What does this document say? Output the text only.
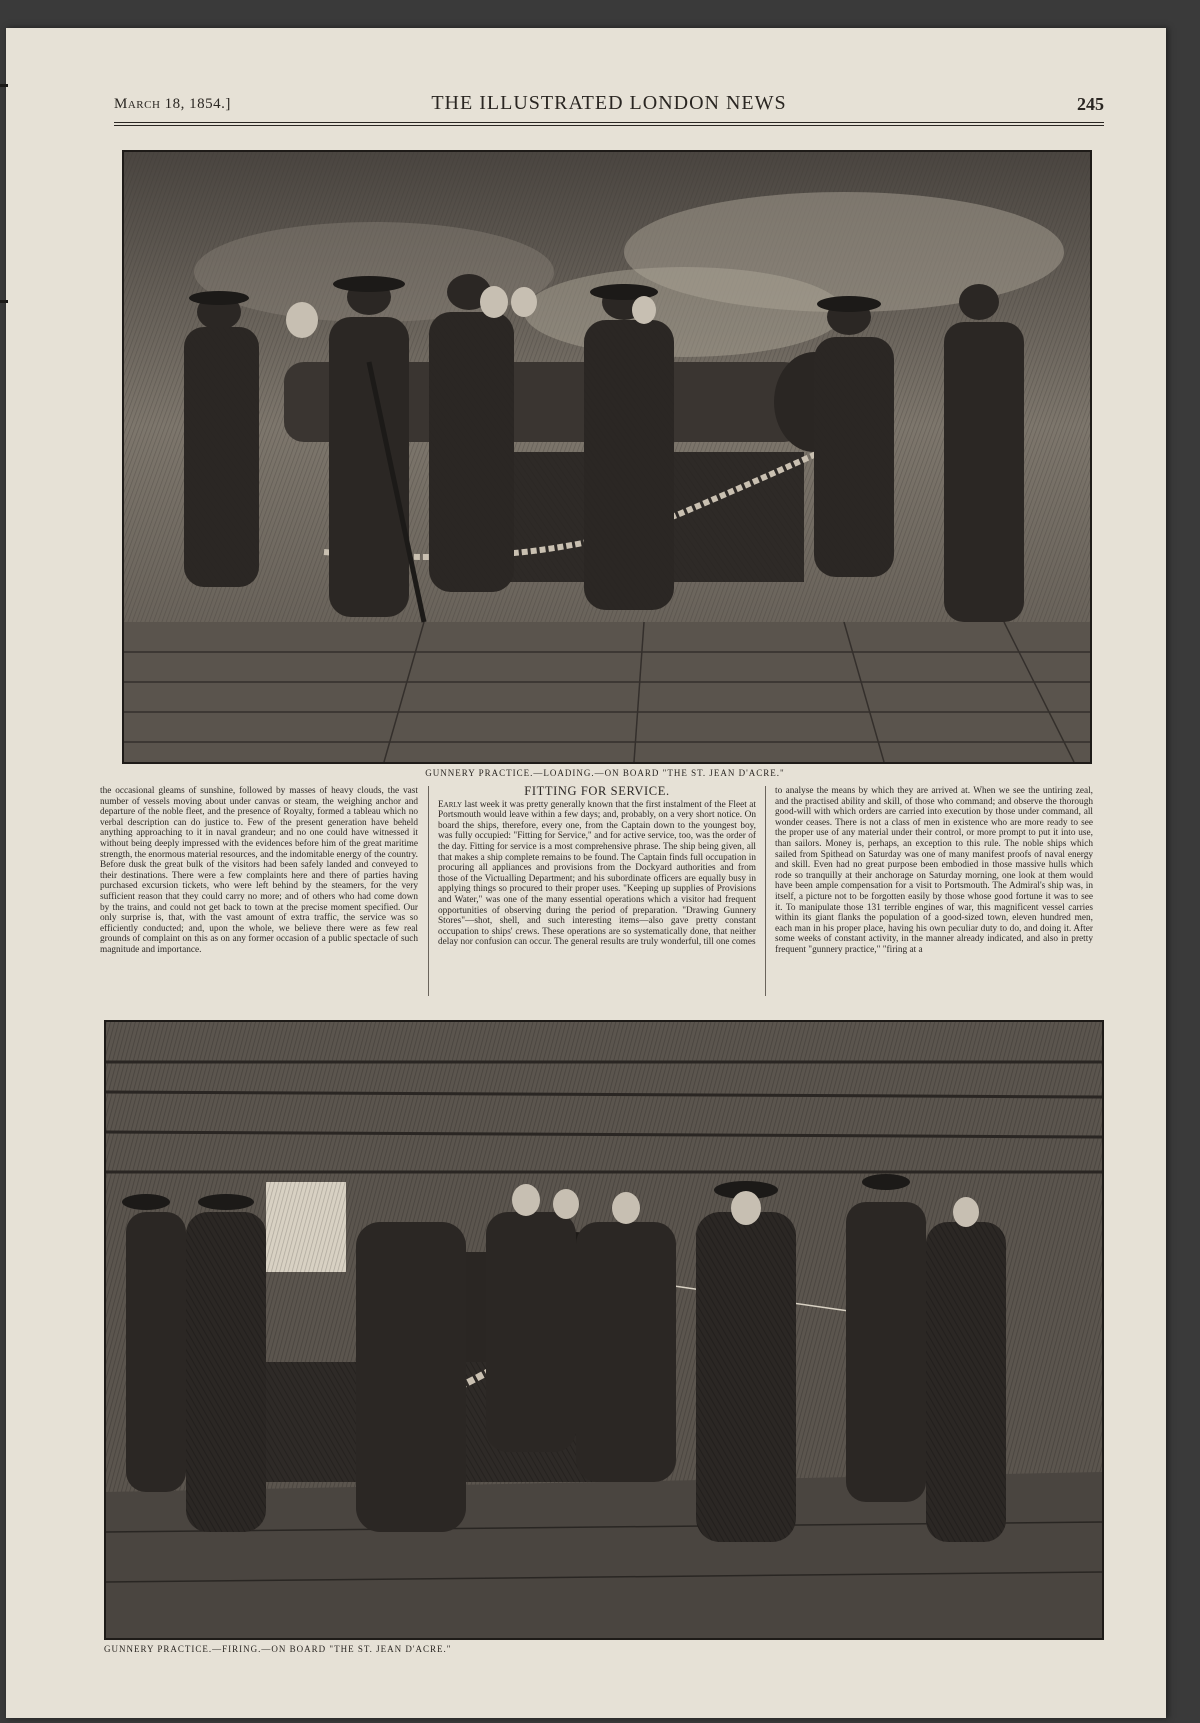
March 18, 1854.]	THE ILLUSTRATED LONDON NEWS	245
GUNNERY PRACTICE.—LOADING.—ON BOARD "THE ST. JEAN D'ACRE."

the occasional gleams of sunshine, followed by masses of heavy clouds, the vast number of vessels moving about under canvas or steam, the weighing anchor and departure of the noble fleet, and the presence of Royalty, formed a tableau which no verbal description can do justice to. Few of the present generation have beheld anything approaching to it in naval grandeur; and no one could have witnessed it without being deeply impressed with the evidences before him of the great maritime strength, the enormous material resources, and the indomitable energy of the country. Before dusk the great bulk of the visitors had been safely landed and conveyed to their destinations. There were a few complaints here and there of parties having purchased excursion tickets, who were left behind by the steamers, for the very sufficient reason that they could carry no more; and of others who had come down by the trains, and could not get back to town at the precise moment specified. Our only surprise is, that, with the vast amount of extra traffic, the service was so efficiently conducted; and, upon the whole, we believe there were as few real grounds of complaint on this as on any former occasion of a public spectacle of such magnitude and importance.

FITTING FOR SERVICE.

Early last week it was pretty generally known that the first instalment of the Fleet at Portsmouth would leave within a few days; and, probably, on a very short notice. On board the ships, therefore, every one, from the Captain down to the youngest boy, was fully occupied: "Fitting for Service," and for active service, too, was the order of the day. Fitting for service is a most comprehensive phrase. The ship being given, all that makes a ship complete remains to be found. The Captain finds full occupation in procuring all appliances and provisions from the Dockyard authorities and from those of the Victualling Department; and his subordinate officers are equally busy in applying things so procured to their proper uses. "Keeping up supplies of Provisions and Water," was one of the many essential operations which a visitor had frequent opportunities of observing during the period of preparation. "Drawing Gunnery Stores"—shot, shell, and such interesting items—also gave pretty constant occupation to ships' crews. These operations are so systematically done, that neither delay nor confusion can occur. The general results are truly wonderful, till one comes

to analyse the means by which they are arrived at. When we see the untiring zeal, and the practised ability and skill, of those who command; and observe the thorough good-will with which orders are carried into execution by those under command, all wonder ceases. There is not a class of men in existence who are more ready to see the proper use of any material under their control, or more prompt to put it into use, than sailors. Money is, perhaps, an exception to this rule. The noble ships which sailed from Spithead on Saturday was one of many manifest proofs of naval energy and skill. Even had no great purpose been embodied in those massive hulls which rode so tranquilly at their anchorage on Saturday morning, one look at them would have been ample compensation for a visit to Portsmouth. The Admiral's ship was, in itself, a picture not to be forgotten easily by those whose good fortune it was to see it. To manipulate those 131 terrible engines of war, this magnificent vessel carries within its giant flanks the population of a good-sized town, eleven hundred men, each man in his proper place, having his own peculiar duty to do, and doing it. After some weeks of constant activity, in the manner already indicated, and also in pretty frequent "gunnery practice," "firing at a

GUNNERY PRACTICE.—FIRING.—ON BOARD "THE ST. JEAN D'ACRE."
